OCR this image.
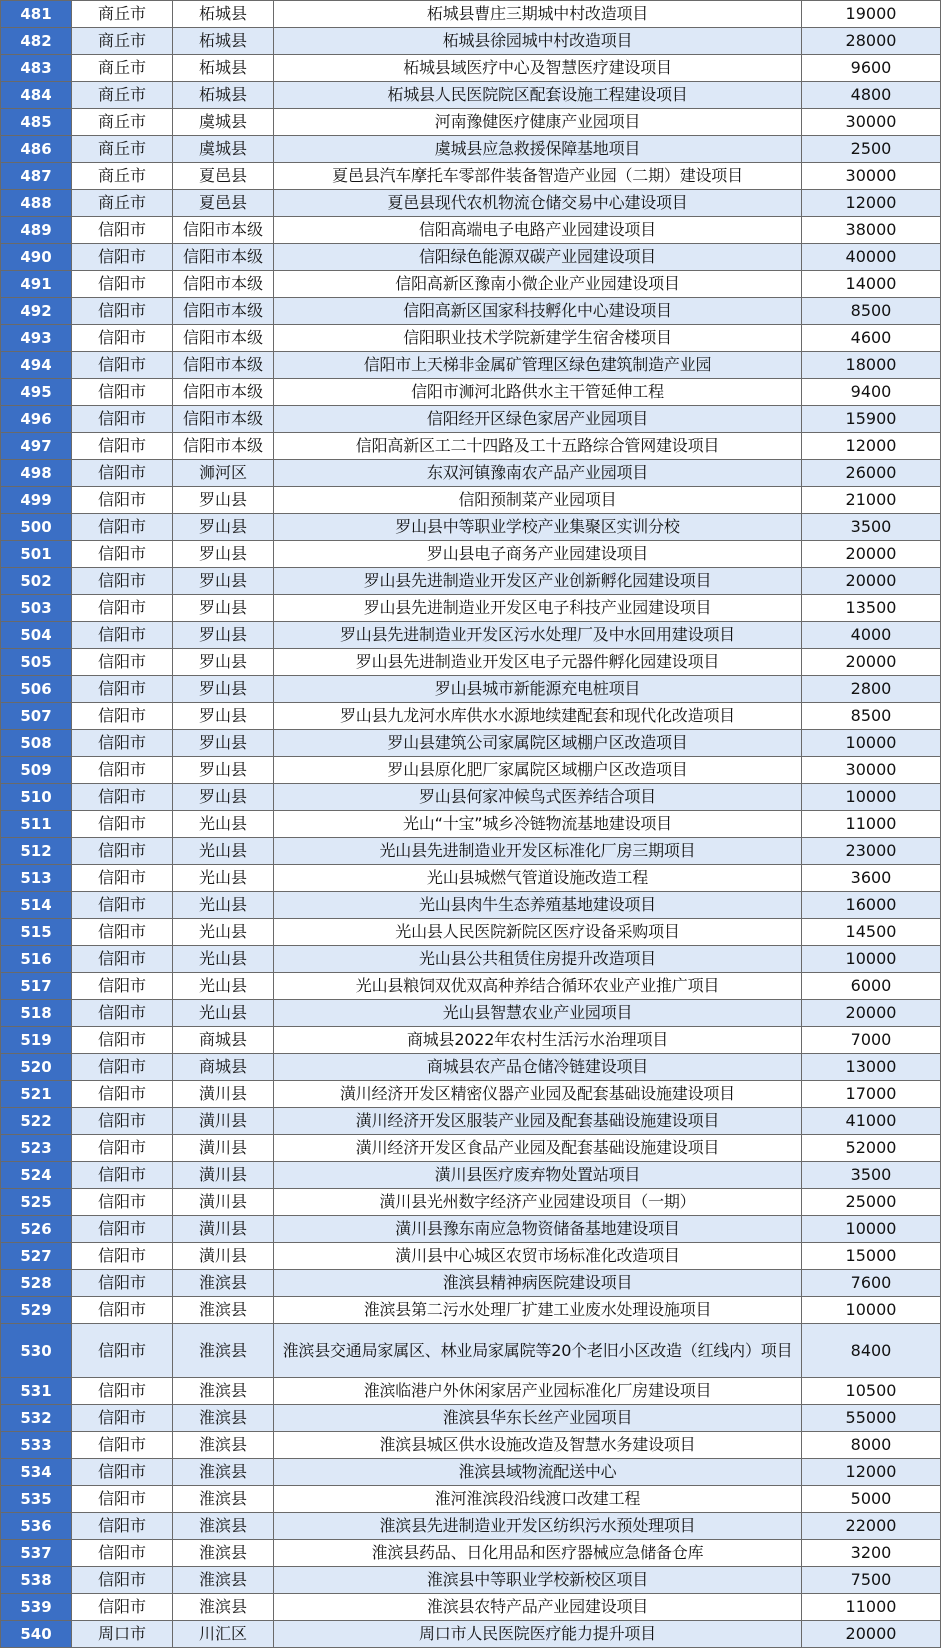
481	商丘市	柘城县	柘城县曹庄三期城中村改造项目	19000
482	商丘市	柘城县	柘城县徐园城中村改造项目	28000
483	商丘市	柘城县	柘城县域医疗中心及智慧医疗建设项目	9600
484	商丘市	柘城县	柘城县人民医院院区配套设施工程建设项目	4800
485	商丘市	虞城县	河南豫健医疗健康产业园项目	30000
486	商丘市	虞城县	虞城县应急救援保障基地项目	2500
487	商丘市	夏邑县	夏邑县汽车摩托车零部件装备智造产业园（二期）建设项目	30000
488	商丘市	夏邑县	夏邑县现代农机物流仓储交易中心建设项目	12000
489	信阳市	信阳市本级	信阳高端电子电路产业园建设项目	38000
490	信阳市	信阳市本级	信阳绿色能源双碳产业园建设项目	40000
491	信阳市	信阳市本级	信阳高新区豫南小微企业产业园建设项目	14000
492	信阳市	信阳市本级	信阳高新区国家科技孵化中心建设项目	8500
493	信阳市	信阳市本级	信阳职业技术学院新建学生宿舍楼项目	4600
494	信阳市	信阳市本级	信阳市上天梯非金属矿管理区绿色建筑制造产业园	18000
495	信阳市	信阳市本级	信阳市浉河北路供水主干管延伸工程	9400
496	信阳市	信阳市本级	信阳经开区绿色家居产业园项目	15900
497	信阳市	信阳市本级	信阳高新区工二十四路及工十五路综合管网建设项目	12000
498	信阳市	浉河区	东双河镇豫南农产品产业园项目	26000
499	信阳市	罗山县	信阳预制菜产业园项目	21000
500	信阳市	罗山县	罗山县中等职业学校产业集聚区实训分校	3500
501	信阳市	罗山县	罗山县电子商务产业园建设项目	20000
502	信阳市	罗山县	罗山县先进制造业开发区产业创新孵化园建设项目	20000
503	信阳市	罗山县	罗山县先进制造业开发区电子科技产业园建设项目	13500
504	信阳市	罗山县	罗山县先进制造业开发区污水处理厂及中水回用建设项目	4000
505	信阳市	罗山县	罗山县先进制造业开发区电子元器件孵化园建设项目	20000
506	信阳市	罗山县	罗山县城市新能源充电桩项目	2800
507	信阳市	罗山县	罗山县九龙河水库供水水源地续建配套和现代化改造项目	8500
508	信阳市	罗山县	罗山县建筑公司家属院区域棚户区改造项目	10000
509	信阳市	罗山县	罗山县原化肥厂家属院区域棚户区改造项目	30000
510	信阳市	罗山县	罗山县何家冲候鸟式医养结合项目	10000
511	信阳市	光山县	光山“十宝”城乡冷链物流基地建设项目	11000
512	信阳市	光山县	光山县先进制造业开发区标准化厂房三期项目	23000
513	信阳市	光山县	光山县城燃气管道设施改造工程	3600
514	信阳市	光山县	光山县肉牛生态养殖基地建设项目	16000
515	信阳市	光山县	光山县人民医院新院区医疗设备采购项目	14500
516	信阳市	光山县	光山县公共租赁住房提升改造项目	10000
517	信阳市	光山县	光山县粮饲双优双高种养结合循环农业产业推广项目	6000
518	信阳市	光山县	光山县智慧农业产业园项目	20000
519	信阳市	商城县	商城县2022年农村生活污水治理项目	7000
520	信阳市	商城县	商城县农产品仓储冷链建设项目	13000
521	信阳市	潢川县	潢川经济开发区精密仪器产业园及配套基础设施建设项目	17000
522	信阳市	潢川县	潢川经济开发区服装产业园及配套基础设施建设项目	41000
523	信阳市	潢川县	潢川经济开发区食品产业园及配套基础设施建设项目	52000
524	信阳市	潢川县	潢川县医疗废弃物处置站项目	3500
525	信阳市	潢川县	潢川县光州数字经济产业园建设项目（一期）	25000
526	信阳市	潢川县	潢川县豫东南应急物资储备基地建设项目	10000
527	信阳市	潢川县	潢川县中心城区农贸市场标准化改造项目	15000
528	信阳市	淮滨县	淮滨县精神病医院建设项目	7600
529	信阳市	淮滨县	淮滨县第二污水处理厂扩建工业废水处理设施项目	10000
530	信阳市	淮滨县	淮滨县交通局家属区、林业局家属院等20个老旧小区改造（红线内）项目	8400
531	信阳市	淮滨县	淮滨临港户外休闲家居产业园标准化厂房建设项目	10500
532	信阳市	淮滨县	淮滨县华东长丝产业园项目	55000
533	信阳市	淮滨县	淮滨县城区供水设施改造及智慧水务建设项目	8000
534	信阳市	淮滨县	淮滨县域物流配送中心	12000
535	信阳市	淮滨县	淮河淮滨段沿线渡口改建工程	5000
536	信阳市	淮滨县	淮滨县先进制造业开发区纺织污水预处理项目	22000
537	信阳市	淮滨县	淮滨县药品、日化用品和医疗器械应急储备仓库	3200
538	信阳市	淮滨县	淮滨县中等职业学校新校区项目	7500
539	信阳市	淮滨县	淮滨县农特产品产业园建设项目	11000
540	周口市	川汇区	周口市人民医院医疗能力提升项目	20000
